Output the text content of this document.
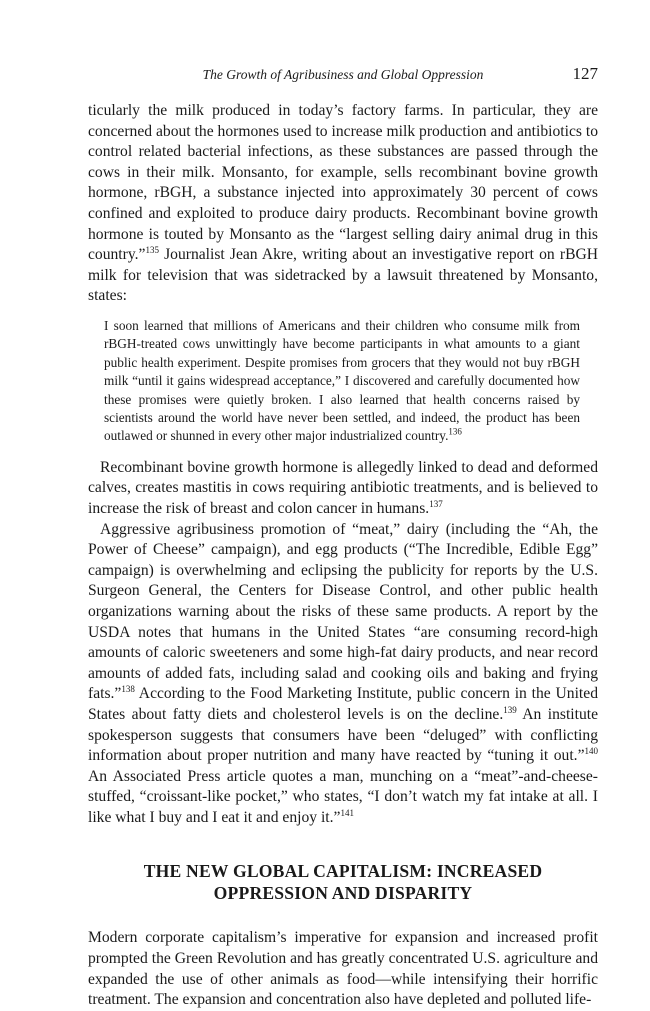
The Growth of Agribusiness and Global Oppression	127

ticularly the milk produced in today’s factory farms. In particular, they are concerned about the hormones used to increase milk production and antibiotics to control related bacterial infections, as these substances are passed through the cows in their milk. Monsanto, for example, sells recombinant bovine growth hormone, rBGH, a substance injected into approximately 30 percent of cows confined and exploited to produce dairy products. Recombinant bovine growth hormone is touted by Monsanto as the “largest selling dairy animal drug in this country.”$^{135}$ Journalist Jean Akre, writing about an investigative report on rBGH milk for television that was sidetracked by a lawsuit threatened by Monsanto, states:

I soon learned that millions of Americans and their children who consume milk from rBGH-treated cows unwittingly have become participants in what amounts to a giant public health experiment. Despite promises from grocers that they would not buy rBGH milk “until it gains widespread acceptance,” I discovered and carefully documented how these promises were quietly broken. I also learned that health concerns raised by scientists around the world have never been settled, and indeed, the product has been outlawed or shunned in every other major industrialized country.$^{136}$

Recombinant bovine growth hormone is allegedly linked to dead and deformed calves, creates mastitis in cows requiring antibiotic treatments, and is believed to increase the risk of breast and colon cancer in humans.$^{137}$

Aggressive agribusiness promotion of “meat,” dairy (including the “Ah, the Power of Cheese” campaign), and egg products (“The Incredible, Edible Egg” campaign) is overwhelming and eclipsing the publicity for reports by the U.S. Surgeon General, the Centers for Disease Control, and other public health organizations warning about the risks of these same products. A report by the USDA notes that humans in the United States “are consuming record-high amounts of caloric sweeteners and some high-fat dairy products, and near record amounts of added fats, including salad and cooking oils and baking and frying fats.”$^{138}$ According to the Food Marketing Institute, public concern in the United States about fatty diets and cholesterol levels is on the decline.$^{139}$ An institute spokesperson suggests that consumers have been “deluged” with conflicting information about proper nutrition and many have reacted by “tuning it out.”$^{140}$ An Associated Press article quotes a man, munching on a “meat”-and-cheese-stuffed, “croissant-like pocket,” who states, “I don’t watch my fat intake at all. I like what I buy and I eat it and enjoy it.”$^{141}$

THE NEW GLOBAL CAPITALISM: INCREASED
OPPRESSION AND DISPARITY

Modern corporate capitalism’s imperative for expansion and increased profit prompted the Green Revolution and has greatly concentrated U.S. agriculture and expanded the use of other animals as food—while intensifying their horrific treatment. The expansion and concentration also have depleted and polluted life-
